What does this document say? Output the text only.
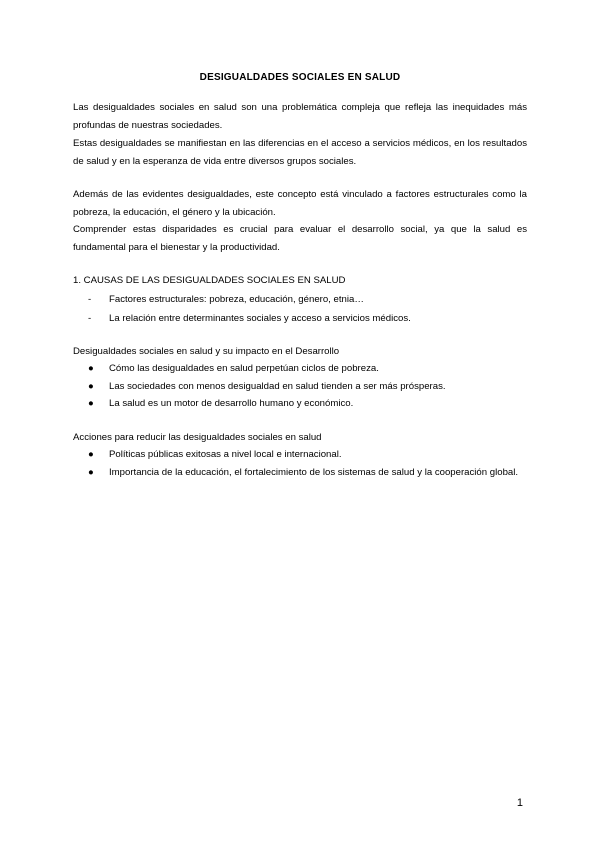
DESIGUALDADES SOCIALES EN SALUD
Las desigualdades sociales en salud son una problemática compleja que refleja las inequidades más profundas de nuestras sociedades.
Estas desigualdades se manifiestan en las diferencias en el acceso a servicios médicos, en los resultados de salud y en la esperanza de vida entre diversos grupos sociales.
Además de las evidentes desigualdades, este concepto está vinculado a factores estructurales como la pobreza, la educación, el género y la ubicación.
Comprender estas disparidades es crucial para evaluar el desarrollo social, ya que la salud es fundamental para el bienestar y la productividad.
1. CAUSAS DE LAS DESIGUALDADES SOCIALES EN SALUD
-	Factores estructurales: pobreza, educación, género, etnia…
-	La relación entre determinantes sociales y acceso a servicios médicos.
Desigualdades sociales en salud y su impacto en el Desarrollo
●	Cómo las desigualdades en salud perpetúan ciclos de pobreza.
●	Las sociedades con menos desigualdad en salud tienden a ser más prósperas.
●	La salud es un motor de desarrollo humano y económico.
Acciones para reducir las desigualdades sociales en salud
●	Políticas públicas exitosas a nivel local e internacional.
●	Importancia de la educación, el fortalecimiento de los sistemas de salud y la cooperación global.
1
